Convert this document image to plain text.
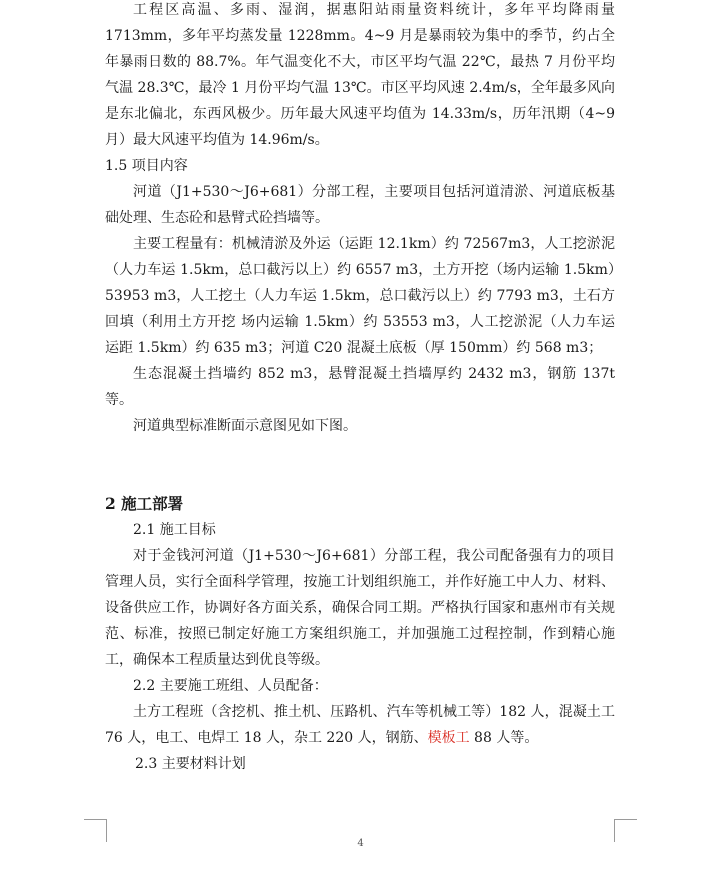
工程区高温、多雨、湿润，据惠阳站雨量资料统计，多年平均降雨量 1713mm，多年平均蒸发量 1228mm。4~9 月是暴雨较为集中的季节，约占全年暴雨日数的 88.7%。年气温变化不大，市区平均气温 22℃，最热 7 月份平均气温 28.3℃，最冷 1 月份平均气温 13℃。市区平均风速 2.4m/s，全年最多风向是东北偏北，东西风极少。历年最大风速平均值为 14.33m/s，历年汛期（4~9 月）最大风速平均值为 14.96m/s。

1.5 项目内容

河道（J1+530～J6+681）分部工程，主要项目包括河道清淤、河道底板基础处理、生态砼和悬臂式砼挡墙等。

主要工程量有：机械清淤及外运（运距 12.1km）约 72567m3，人工挖淤泥（人力车运 1.5km，总口截污以上）约 6557 m3，土方开挖（场内运输 1.5km）53953 m3，人工挖土（人力车运 1.5km，总口截污以上）约 7793 m3，土石方回填（利用土方开挖 场内运输 1.5km）约 53553 m3，人工挖淤泥（人力车运 运距 1.5km）约 635 m3；河道 C20 混凝土底板（厚 150mm）约 568 m3；

生态混凝土挡墙约 852 m3，悬臂混凝土挡墙厚约 2432 m3，钢筋 137t 等。

河道典型标准断面示意图见如下图。

2 施工部署

2.1 施工目标

对于金钱河河道（J1+530～J6+681）分部工程，我公司配备强有力的项目管理人员，实行全面科学管理，按施工计划组织施工，并作好施工中人力、材料、设备供应工作，协调好各方面关系，确保合同工期。严格执行国家和惠州市有关规范、标准，按照已制定好施工方案组织施工，并加强施工过程控制，作到精心施工，确保本工程质量达到优良等级。

2.2 主要施工班组、人员配备：

土方工程班（含挖机、推土机、压路机、汽车等机械工等）182 人，混凝土工 76 人，电工、电焊工 18 人，杂工 220 人，钢筋、模板工 88 人等。

2.3 主要材料计划

4
